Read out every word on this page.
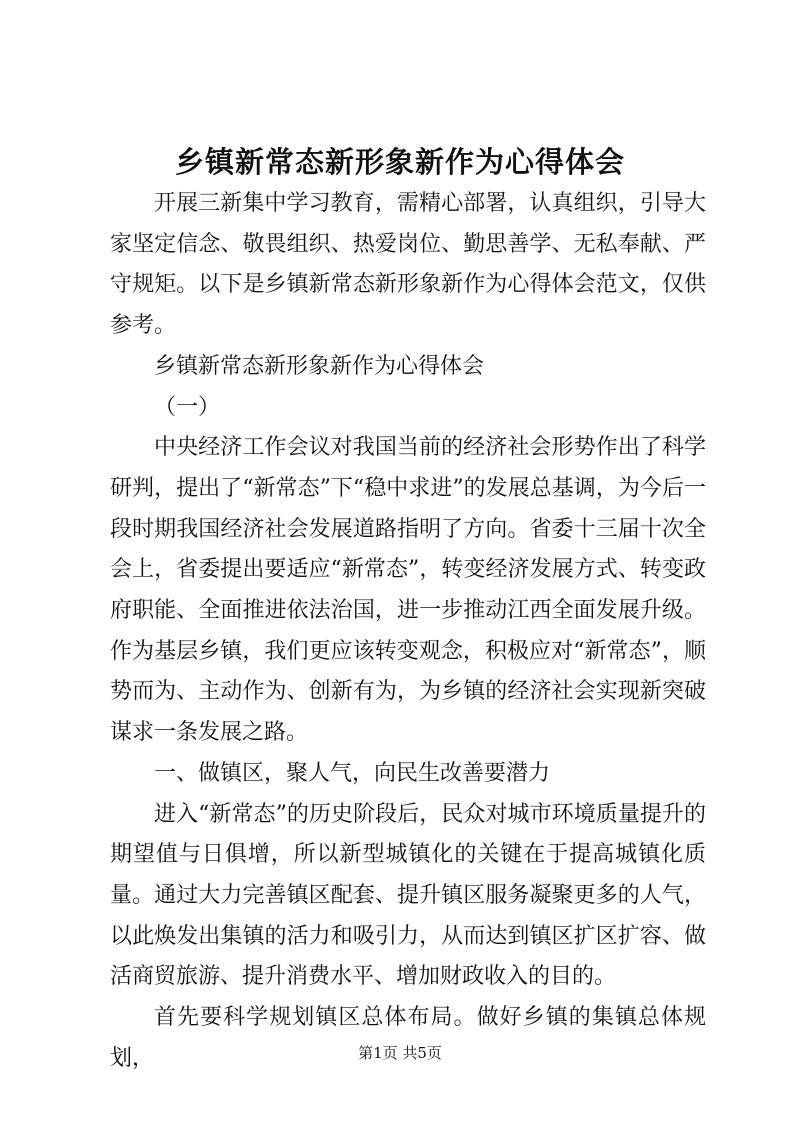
乡镇新常态新形象新作为心得体会

开展三新集中学习教育，需精心部署，认真组织，引导大家坚定信念、敬畏组织、热爱岗位、勤思善学、无私奉献、严守规矩。以下是乡镇新常态新形象新作为心得体会范文，仅供参考。

乡镇新常态新形象新作为心得体会

（一）

中央经济工作会议对我国当前的经济社会形势作出了科学研判，提出了“新常态”下“稳中求进”的发展总基调，为今后一段时期我国经济社会发展道路指明了方向。省委十三届十次全会上，省委提出要适应“新常态”，转变经济发展方式、转变政府职能、全面推进依法治国，进一步推动江西全面发展升级。作为基层乡镇，我们更应该转变观念，积极应对“新常态”，顺势而为、主动作为、创新有为，为乡镇的经济社会实现新突破谋求一条发展之路。

一、做镇区，聚人气，向民生改善要潜力

进入“新常态”的历史阶段后，民众对城市环境质量提升的期望值与日俱增，所以新型城镇化的关键在于提高城镇化质量。通过大力完善镇区配套、提升镇区服务凝聚更多的人气，以此焕发出集镇的活力和吸引力，从而达到镇区扩区扩容、做活商贸旅游、提升消费水平、增加财政收入的目的。

首先要科学规划镇区总体布局。做好乡镇的集镇总体规划，	第1页 共5页
